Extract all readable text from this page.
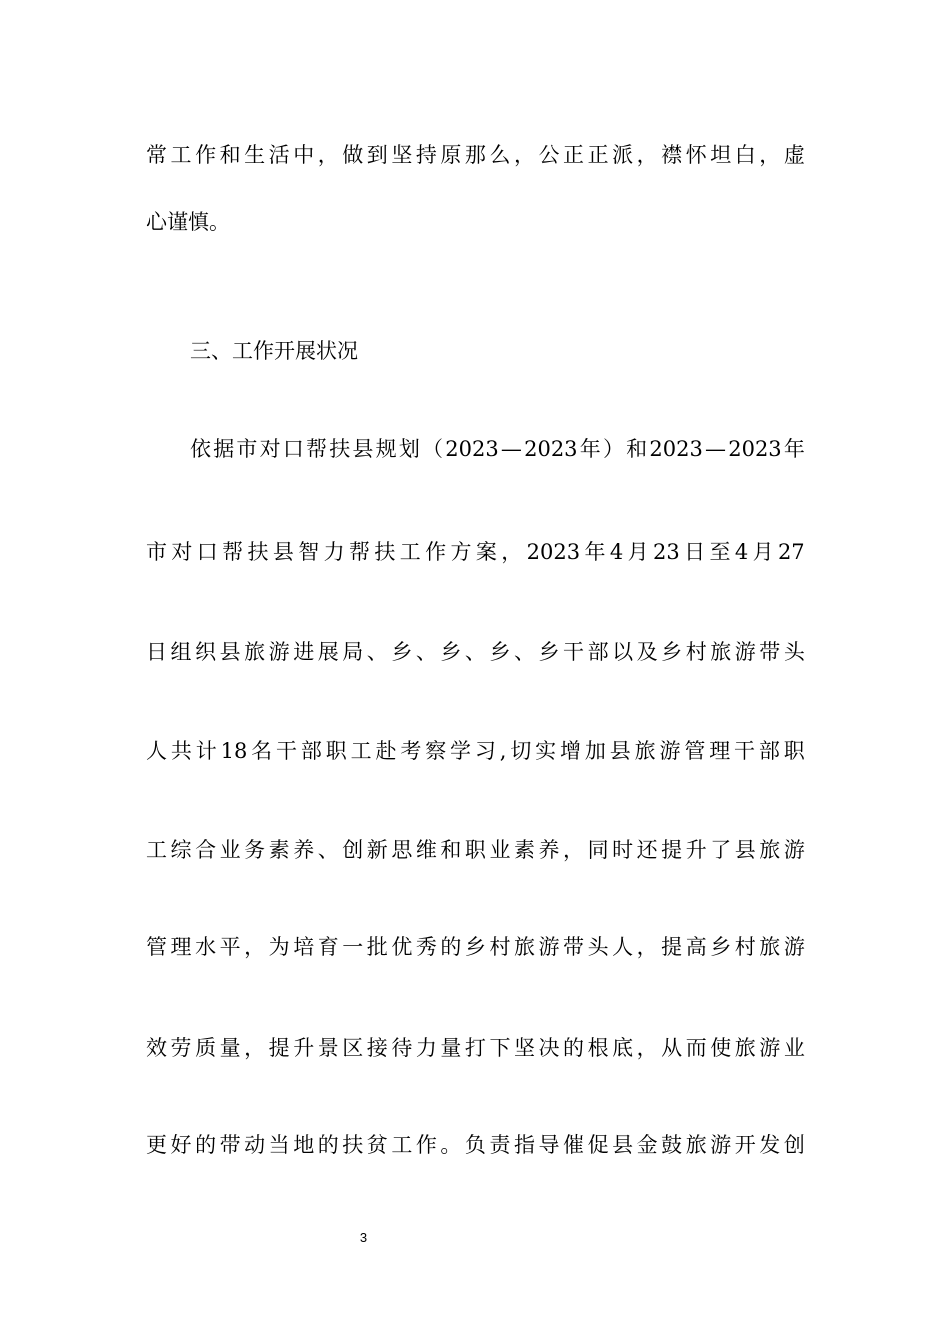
常 工 作 和 生 活 中 ， 做 到 坚 持 原 那 么 ， 公 正 正 派 ， 襟 怀 坦 白 ， 虚
心谨慎。
三、工作开展状况
依 据 市 对 口 帮 扶 县 规 划 （ 2023 — 2023 年 ） 和 2023 — 2023 年
市 对 口 帮 扶 县 智 力 帮 扶 工 作 方 案 ， 2023 年 4 月 23 日 至 4 月 27
日 组 织 县 旅 游 进 展 局 、 乡 、 乡 、 乡 、 乡 干 部 以 及 乡 村 旅 游 带 头
人 共 计 18 名 干 部 职 工 赴 考 察 学 习 , 切 实 增 加 县 旅 游 管 理 干 部 职
工 综 合 业 务 素 养 、 创 新 思 维 和 职 业 素 养 ， 同 时 还 提 升 了 县 旅 游
管 理 水 平 ， 为 培 育 一 批 优 秀 的 乡 村 旅 游 带 头 人 ， 提 高 乡 村 旅 游
效 劳 质 量 ， 提 升 景 区 接 待 力 量 打 下 坚 决 的 根 底 ， 从 而 使 旅 游 业
更 好 的 带 动 当 地 的 扶 贫 工 作 。 负 责 指 导 催 促 县 金 鼓 旅 游 开 发 创
3
